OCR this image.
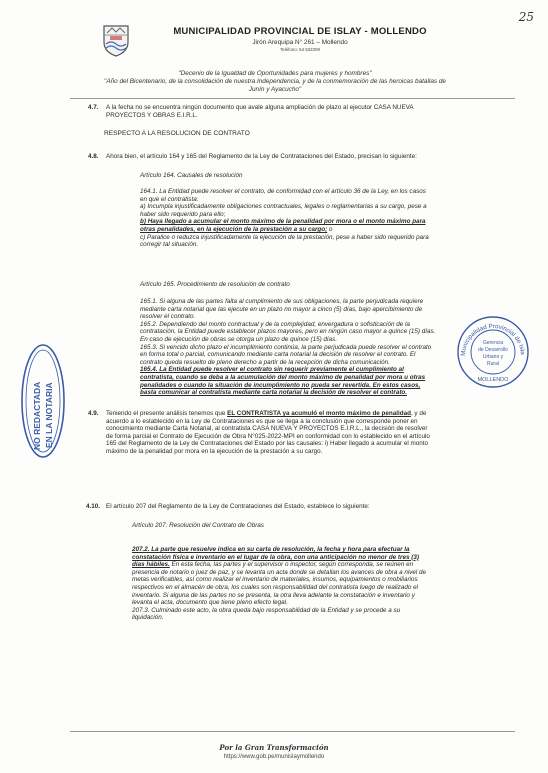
25
MUNICIPALIDAD PROVINCIAL DE ISLAY - MOLLENDO
Jirón Arequipa N° 261 – Mollendo
Teléfono: 54 532309
"Decenio de la Igualdad de Oportunidades para mujeres y hombres"
"Año del Bicentenario, de la consolidación de nuestra Independencia, y de la conmemoración de las heroicas batallas de
Junín y Ayacucho"
4.7. A la fecha no se encuentra ningún documento que avale alguna ampliación de plazo al ejecutor CASA NUEVA
PROYECTOS Y OBRAS E.I.R.L.
RESPECTO A LA RESOLUCION DE CONTRATO
4.8. Ahora bien, el artículo 164 y 165 del Reglamento de la Ley de Contrataciones del Estado, precisan lo siguiente:
Artículo 164. Causales de resolución
164.1. La Entidad puede resolver el contrato, de conformidad con el artículo 36 de la Ley, en los casos
en que el contratista:
a) Incumpla injustificadamente obligaciones contractuales, legales o reglamentarias a su cargo, pese a
haber sido requerido para ello;
b) Haya llegado a acumular el monto máximo de la penalidad por mora o el monto máximo para
otras penalidades, en la ejecución de la prestación a su cargo; o
c) Paralice o reduzca injustificadamente la ejecución de la prestación, pese a haber sido requerido para
corregir tal situación.
Artículo 165. Procedimiento de resolución de contrato
165.1. Si alguna de las partes falta al cumplimiento de sus obligaciones, la parte perjudicada requiere
mediante carta notarial que las ejecute en un plazo no mayor a cinco (5) días, bajo apercibimiento de
resolver el contrato.
165.2. Dependiendo del monto contractual y de la complejidad, envergadura o sofisticación de la
contratación, la Entidad puede establecer plazos mayores, pero en ningún caso mayor a quince (15) días.
En caso de ejecución de obras se otorga un plazo de quince (15) días.
165.3. Si vencido dicho plazo el incumplimiento continúa, la parte perjudicada puede resolver el contrato
en forma total o parcial, comunicando mediante carta notarial la decisión de resolver el contrato. El
contrato queda resuelto de pleno derecho a partir de la recepción de dicha comunicación.
165.4. La Entidad puede resolver el contrato sin requerir previamente el cumplimiento al
contratista, cuando se deba a la acumulación del monto máximo de penalidad por mora u otras
penalidades o cuando la situación de incumplimiento no pueda ser revertida. En estos casos,
basta comunicar al contratista mediante carta notarial la decisión de resolver el contrato.
4.9. Teniendo el presente análisis tenemos que EL CONTRATISTA ya acumuló el monto máximo de penalidad, y de
acuerdo a lo establecido en la Ley de Contrataciones es que se llega a la conclusión que corresponde poner en
conocimiento mediante Carta Notarial, al contratista CASA NUEVA Y PROYECTOS E.I.R.L., la decisión de resolver
de forma parcial el Contrato de Ejecución de Obra N°025-2022-MPI en conformidad con lo establecido en el artículo
165 del Reglamento de la Ley de Contrataciones del Estado por las causales: i) Haber llegado a acumular el monto
máximo de la penalidad por mora en la ejecución de la prestación a su cargo.
4.10. El artículo 207 del Reglamento de la Ley de Contrataciones del Estado, establece lo siguiente:
Artículo 207. Resolución del Contrato de Obras
207.2. La parte que resuelve indica en su carta de resolución, la fecha y hora para efectuar la
constatación física e inventario en el lugar de la obra, con una anticipación no menor de tres (3)
días hábiles. En esta fecha, las partes y el supervisor o inspector, según corresponda, se reúnen en
presencia de notario o juez de paz, y se levanta un acta donde se detallan los avances de obra a nivel de
metas verificables, así como realizar el inventario de materiales, insumos, equipamientos o mobiliarios
respectivos en el almacén de obra, los cuales son responsabilidad del contratista luego de realizado el
inventario. Si alguna de las partes no se presenta, la otra lleva adelante la constatación e inventario y
levanta el acta, documento que tiene pleno efecto legal.
207.3. Culminado este acto, la obra queda bajo responsabilidad de la Entidad y se procede a su
liquidación.
NO REDACTADA EN LA NOTARIA
Municipalidad Provincial de Isla
Gerencia
de Desarrollo
Urbano y
Rural
MOLLENDO
Por la Gran Transformación
https://www.gob.pe/munislaymollendo
